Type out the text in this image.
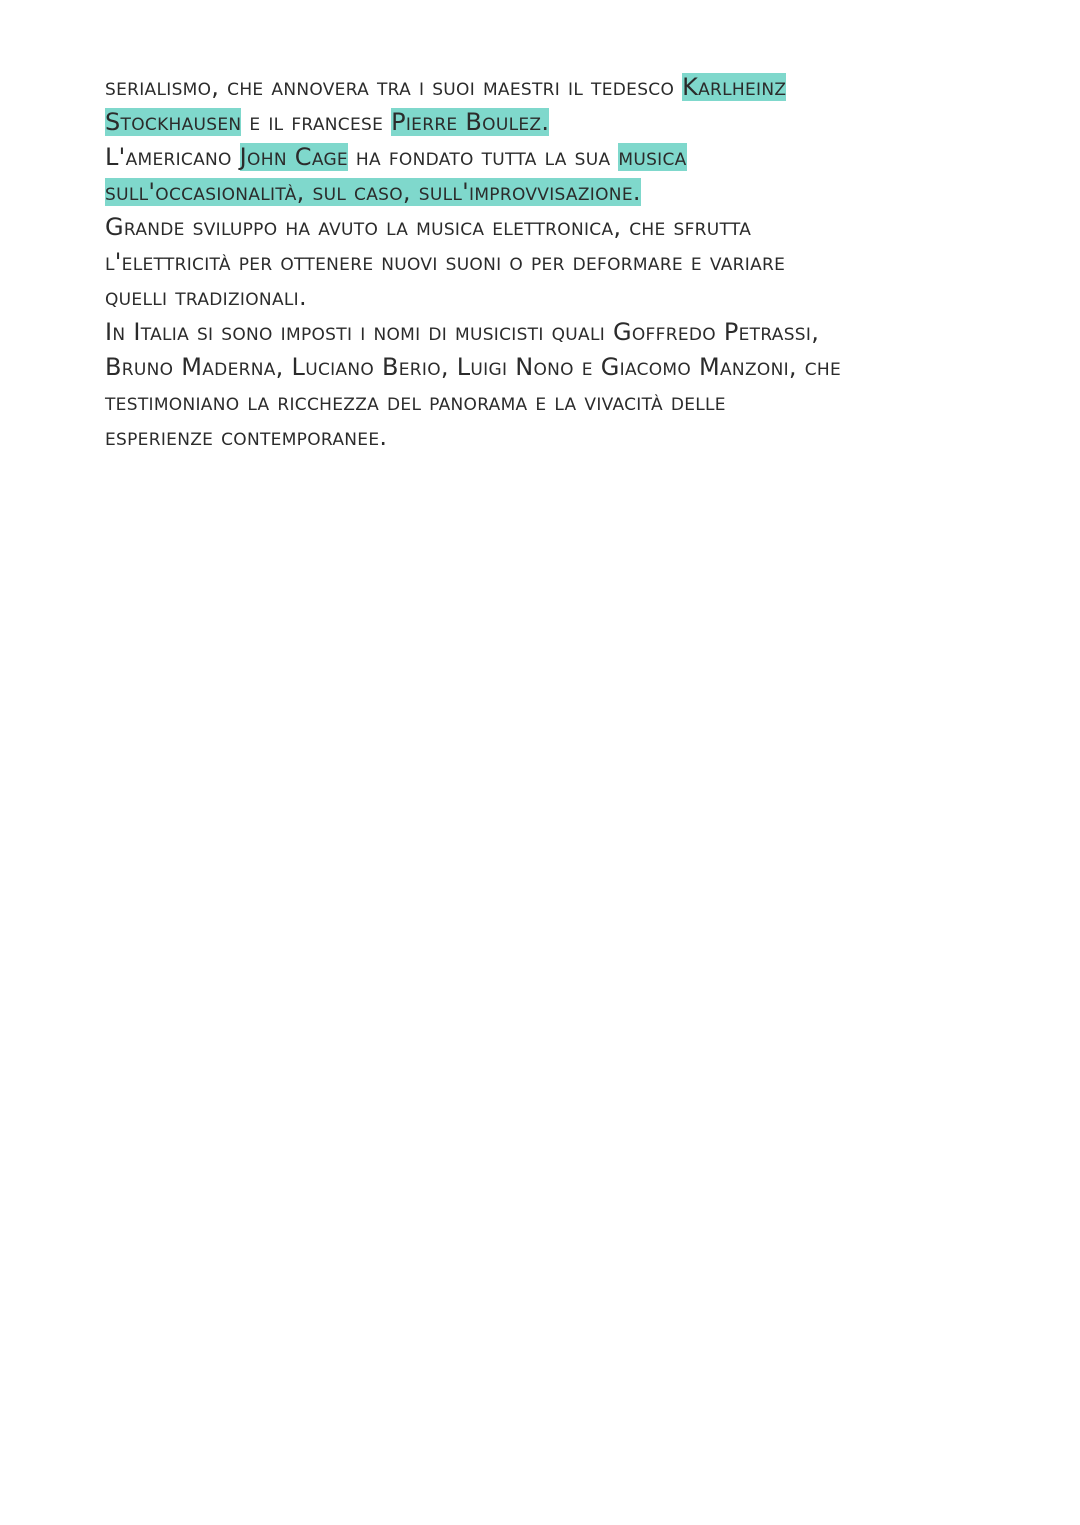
serialismo, che annovera tra i suoi maestri il tedesco Karlheinz
Stockhausen e il francese Pierre Boulez.
L'americano John Cage ha fondato tutta la sua musica
sull'occasionalità, sul caso, sull'improvvisazione.
Grande sviluppo ha avuto la musica elettronica, che sfrutta
l'elettricità per ottenere nuovi suoni o per deformare e variare
quelli tradizionali.
In Italia si sono imposti i nomi di musicisti quali Goffredo Petrassi,
Bruno Maderna, Luciano Berio, Luigi Nono e Giacomo Manzoni, che
testimoniano la ricchezza del panorama e la vivacità delle
esperienze contemporanee.
